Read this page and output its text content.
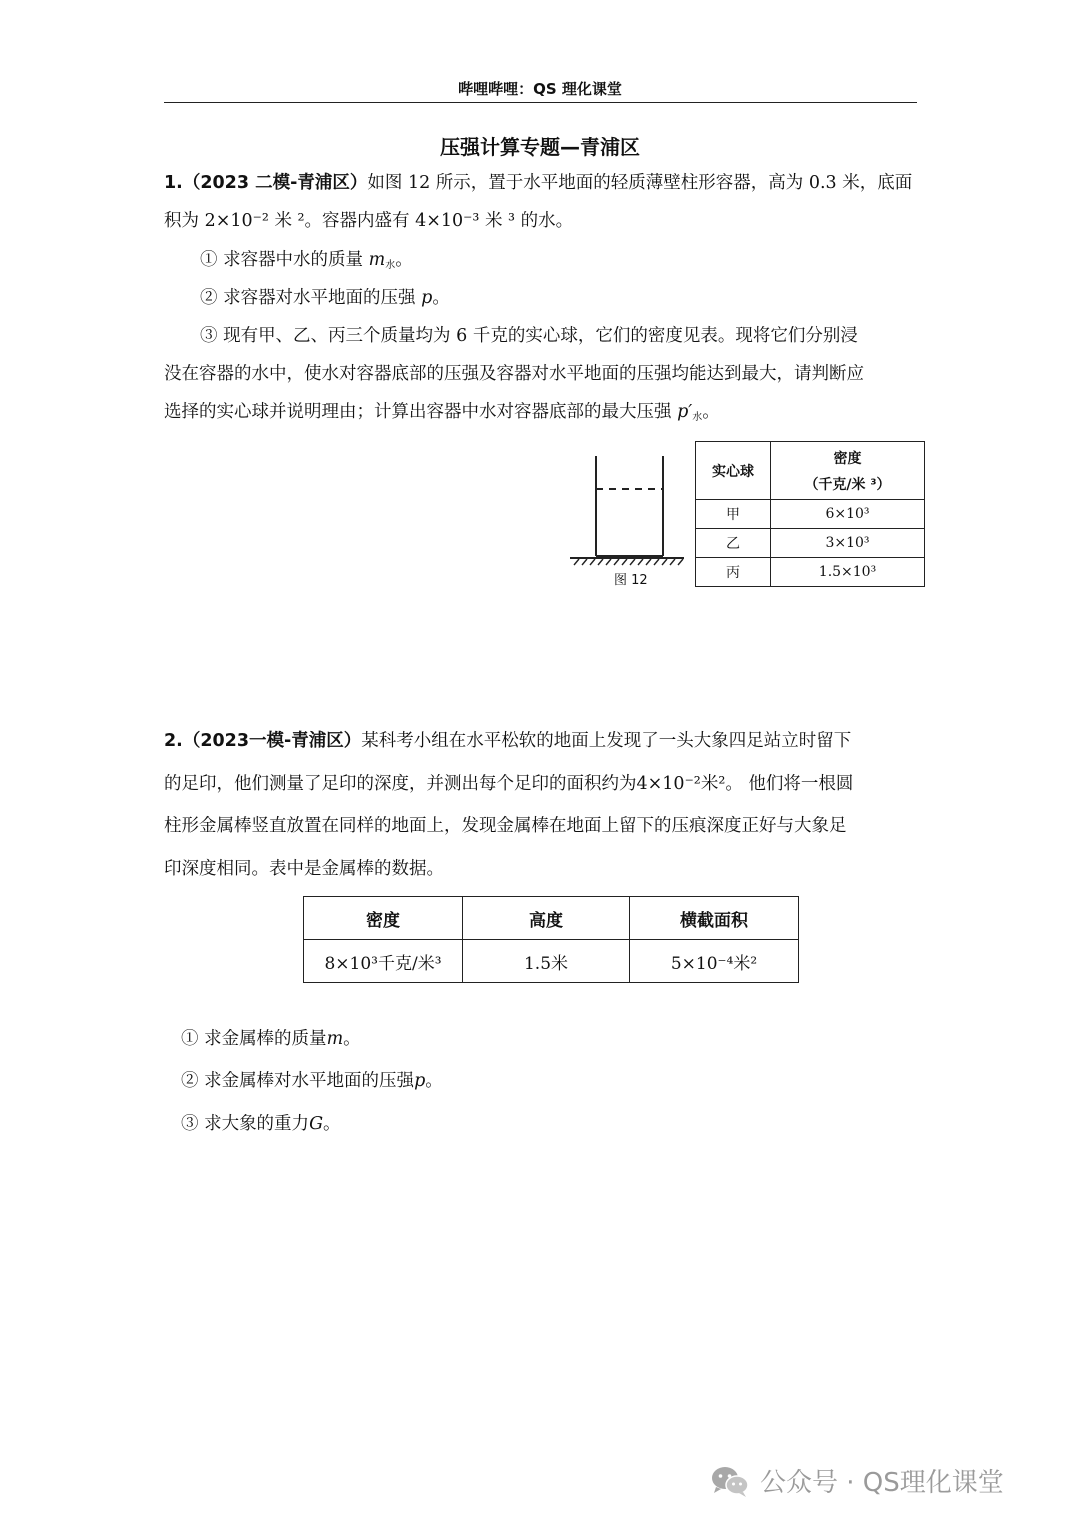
哔哩哔哩：QS 理化课堂
压强计算专题—青浦区
1.（2023 二模-青浦区）如图 12 所示，置于水平地面的轻质薄壁柱形容器，高为 0.3 米，底面
积为 2×10⁻² 米 ²。容器内盛有 4×10⁻³ 米 ³ 的水。
① 求容器中水的质量 m水。
② 求容器对水平地面的压强 p。
③ 现有甲、乙、丙三个质量均为 6 千克的实心球，它们的密度见表。现将它们分别浸
没在容器的水中，使水对容器底部的压强及容器对水平地面的压强均能达到最大，请判断应
选择的实心球并说明理由；计算出容器中水对容器底部的最大压强 p′水。
图 12
实心球	密度
（千克/米 ³）

甲	6×10³
乙	3×10³
丙	1.5×10³
2.（2023一模-青浦区）某科考小组在水平松软的地面上发现了一头大象四足站立时留下
的足印，他们测量了足印的深度，并测出每个足印的面积约为4×10⁻²米²。 他们将一根圆
柱形金属棒竖直放置在同样的地面上，发现金属棒在地面上留下的压痕深度正好与大象足
印深度相同。表中是金属棒的数据。
密度	高度	横截面积
8×10³千克/米³	1.5米	5×10⁻⁴米²
① 求金属棒的质量m。
② 求金属棒对水平地面的压强p。
③ 求大象的重力G。
公众号 · QS理化课堂
